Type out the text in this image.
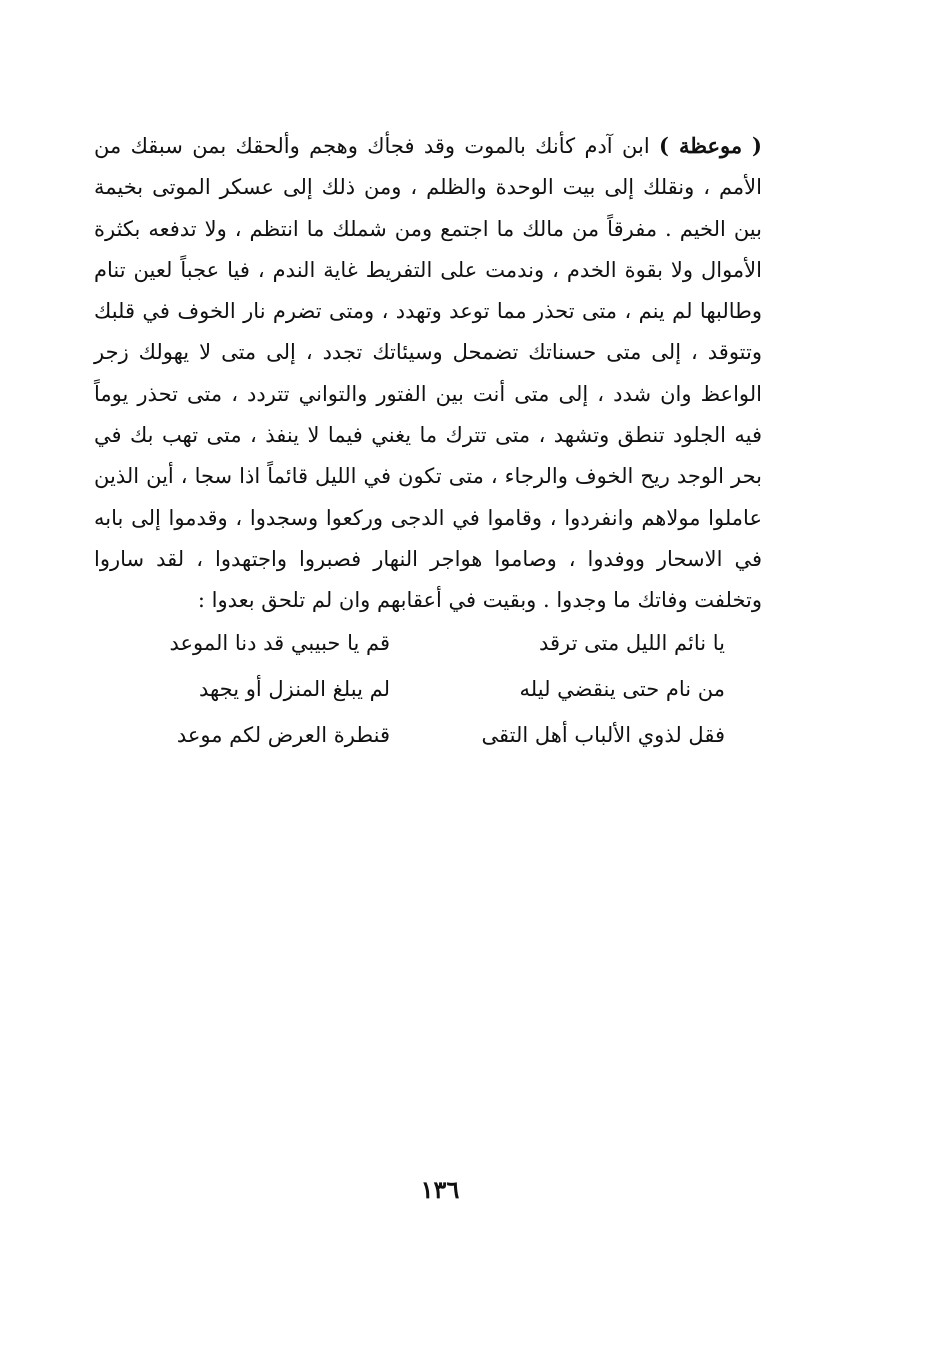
( موعظة ) ابن آدم كأنك بالموت وقد فجأك وهجم وألحقك بمن سبقك من الأمم ، ونقلك إلى بيت الوحدة والظلم ، ومن ذلك إلى عسكر الموتى بخيمة بين الخيم . مفرقاً من مالك ما اجتمع ومن شملك ما انتظم ، ولا تدفعه بكثرة الأموال ولا بقوة الخدم ، وندمت على التفريط غاية الندم ، فيا عجباً لعين تنام وطالبها لم ينم ، متى تحذر مما توعد وتهدد ، ومتى تضرم نار الخوف في قلبك وتتوقد ، إلى متى حسناتك تضمحل وسيئاتك تجدد ، إلى متى لا يهولك زجر الواعظ وان شدد ، إلى متى أنت بين الفتور والتواني تتردد ، متى تحذر يوماً فيه الجلود تنطق وتشهد ، متى تترك ما يغني فيما لا ينفذ ، متى تهب بك في بحر الوجد ريح الخوف والرجاء ، متى تكون في الليل قائماً اذا سجا ، أين الذين عاملوا مولاهم وانفردوا ، وقاموا في الدجى وركعوا وسجدوا ، وقدموا إلى بابه في الاسحار ووفدوا ، وصاموا هواجر النهار فصبروا واجتهدوا ، لقد ساروا وتخلفت وفاتك ما وجدوا . وبقيت في أعقابهم وان لم تلحق بعدوا :

يا نائم الليل متى ترقد
قم يا حبيبي قد دنا الموعد
من نام حتى ينقضي ليله
لم يبلغ المنزل أو يجهد
فقل لذوي الألباب أهل التقى
قنطرة العرض لكم موعد
١٣٦
